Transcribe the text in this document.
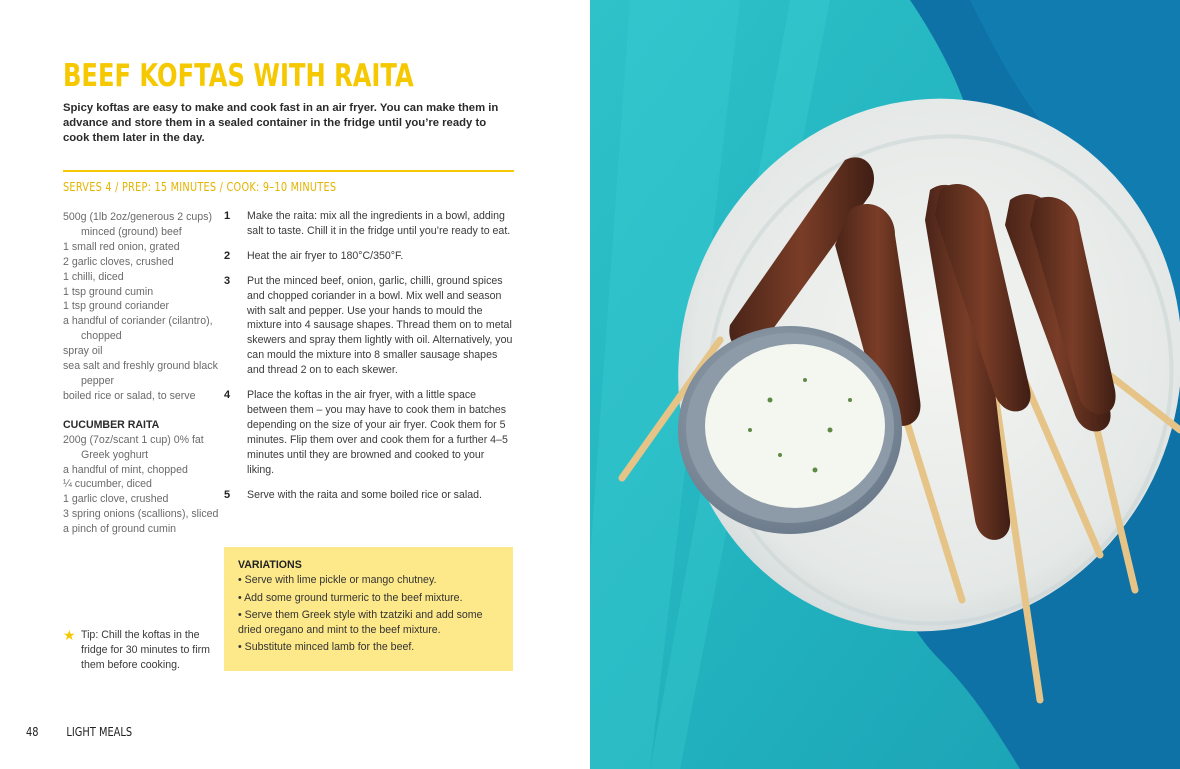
BEEF KOFTAS WITH RAITA

Spicy koftas are easy to make and cook fast in an air fryer. You can make them in advance and store them in a sealed container in the fridge until you’re ready to cook them later in the day.

SERVES 4 / PREP: 15 MINUTES / COOK: 9–10 MINUTES
500g (1lb 2oz/generous 2 cups) minced (ground) beef
1 small red onion, grated
2 garlic cloves, crushed
1 chilli, diced
1 tsp ground cumin
1 tsp ground coriander
a handful of coriander (cilantro), chopped
spray oil
sea salt and freshly ground black pepper
boiled rice or salad, to serve
CUCUMBER RAITA
200g (7oz/scant 1 cup) 0% fat Greek yoghurt
a handful of mint, chopped
¼ cucumber, diced
1 garlic clove, crushed
3 spring onions (scallions), sliced
a pinch of ground cumin
1	Make the raita: mix all the ingredients in a bowl, adding salt to taste. Chill it in the fridge until you’re ready to eat.
2	Heat the air fryer to 180°C/350°F.
3	Put the minced beef, onion, garlic, chilli, ground spices and chopped coriander in a bowl. Mix well and season with salt and pepper. Use your hands to mould the mixture into 4 sausage shapes. Thread them on to metal skewers and spray them lightly with oil. Alternatively, you can mould the mixture into 8 smaller sausage shapes and thread 2 on to each skewer.
4	Place the koftas in the air fryer, with a little space between them – you may have to cook them in batches depending on the size of your air fryer. Cook them for 5 minutes. Flip them over and cook them for a further 4–5 minutes until they are browned and cooked to your liking.
5	Serve with the raita and some boiled rice or salad.
★ Tip: Chill the koftas in the fridge for 30 minutes to firm them before cooking.
VARIATIONS
• Serve with lime pickle or mango chutney.
• Add some ground turmeric to the beef mixture.
• Serve them Greek style with tzatziki and add some dried oregano and mint to the beef mixture.
• Substitute minced lamb for the beef.
48 LIGHT MEALS
